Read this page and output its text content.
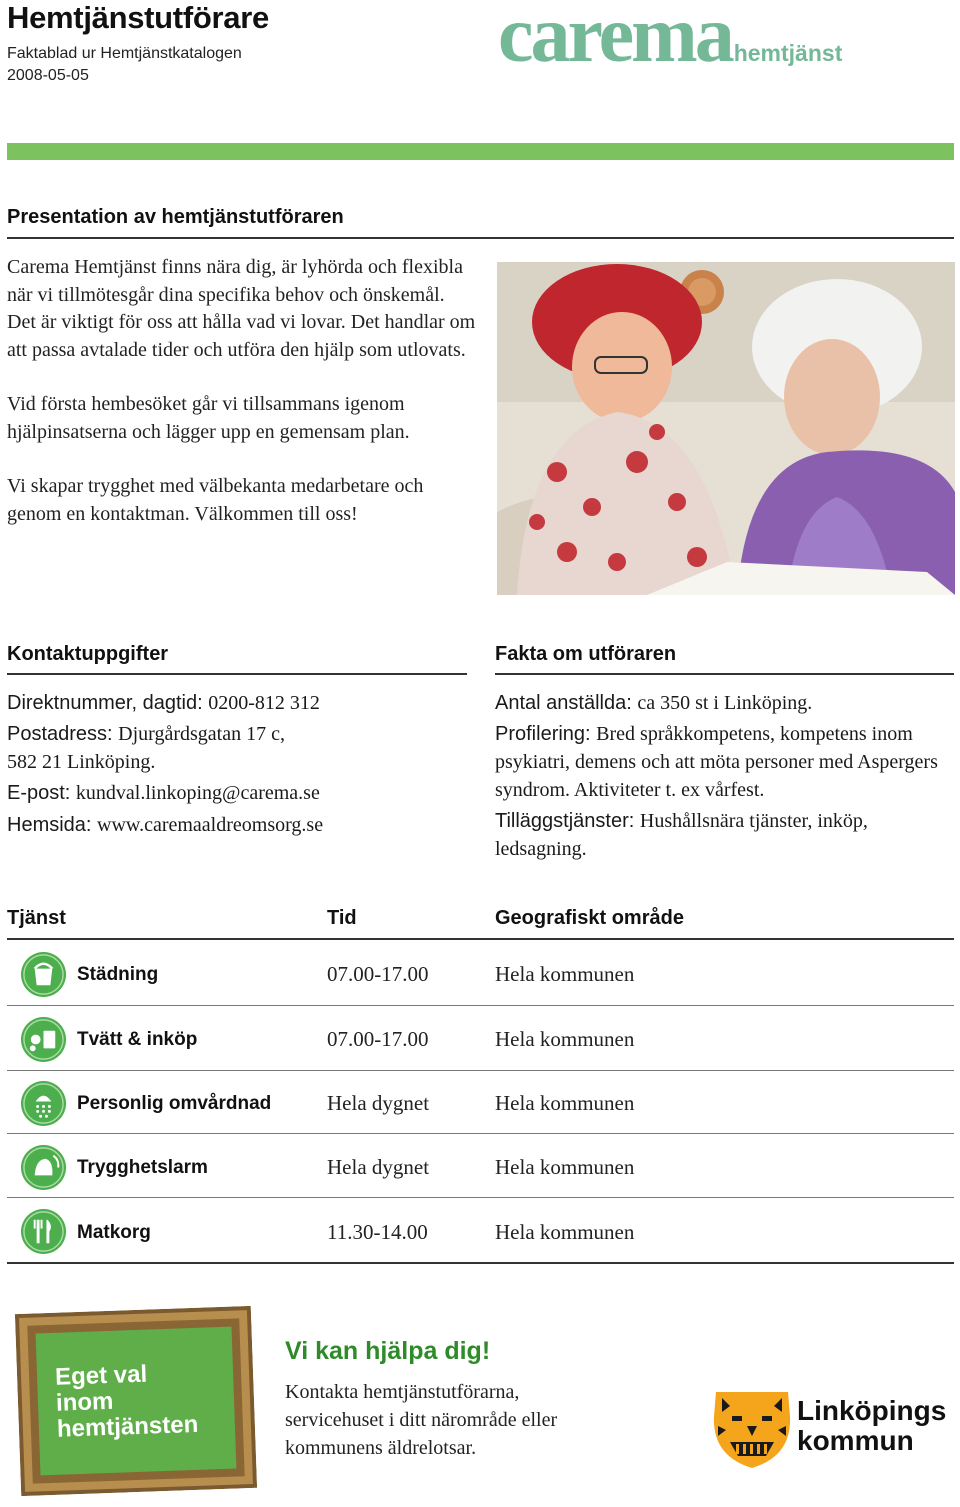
Hemtjänstutförare
Faktablad ur Hemtjänstkatalogen
2008-05-05	caremahemtjänst
Presentation av hemtjänstutföraren

Carema Hemtjänst finns nära dig, är lyhörda och flexibla när vi tillmötesgår dina specifika behov och önskemål. Det är viktigt för oss att hålla vad vi lovar. Det handlar om att passa avtalade tider och utföra den hjälp som utlovats.

Vid första hembesöket går vi tillsammans igenom hjälpinsatserna och lägger upp en gemensam plan.

Vi skapar trygghet med välbekanta medarbetare och genom en kontaktman. Välkommen till oss!

Kontaktuppgifter
Direktnummer, dagtid: 0200-812 312
Postadress: Djurgårdsgatan 17 c,
582 21 Linköping.
E-post: kundval.linkoping@carema.se
Hemsida: www.caremaaldreomsorg.se
Fakta om utföraren
Antal anställda: ca 350 st i Linköping.
Profilering: Bred språkkompetens, kompetens inom psykiatri, demens och att möta personer med Aspergers syndrom. Aktiviteter t. ex vårfest.
Tilläggstjänster: Hushållsnära tjänster, inköp, ledsagning.
Tjänst	Tid	Geografiskt område
Städning	07.00-17.00	Hela kommunen
Tvätt & inköp	07.00-17.00	Hela kommunen
Personlig omvårdnad	Hela dygnet	Hela kommunen
Trygghetslarm	Hela dygnet	Hela kommunen
Matkorg	11.30-14.00	Hela kommunen
Eget val
inom
hemtjänsten
Vi kan hjälpa dig!
Kontakta hemtjänstutförarna, servicehuset i ditt närområde eller kommunens äldrelotsar.
Linköpings
kommun
